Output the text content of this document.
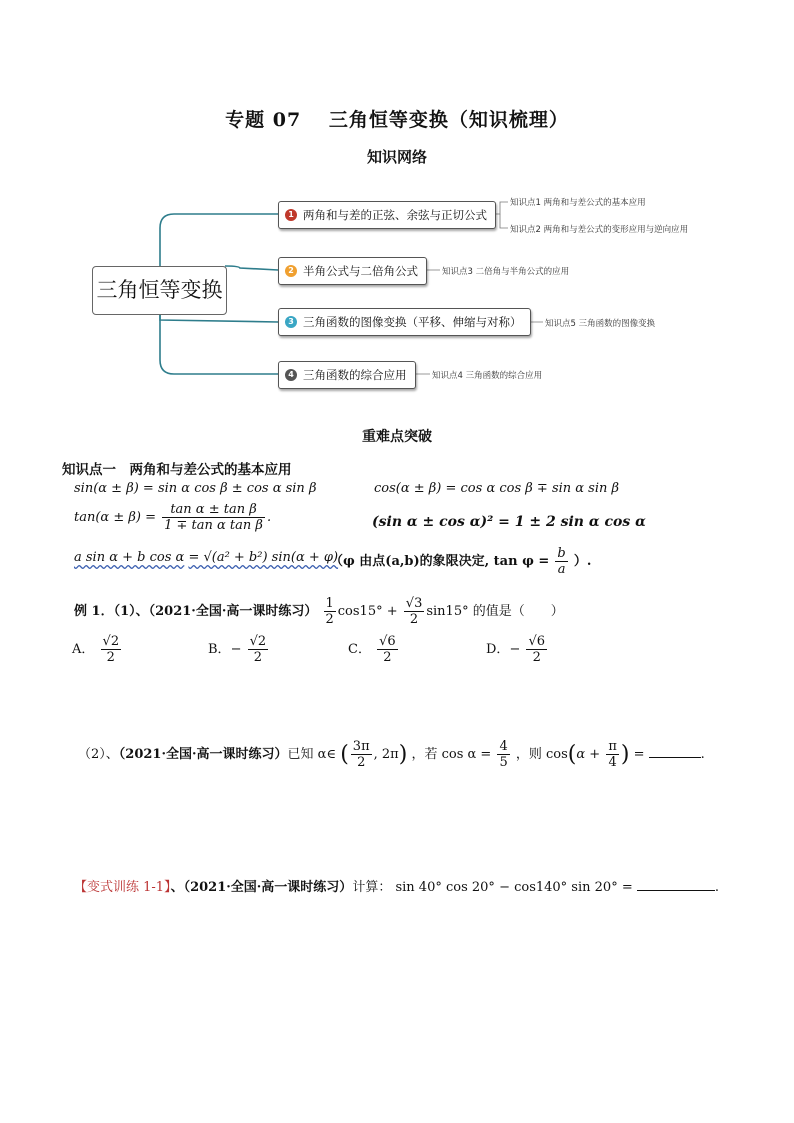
专题 07　 三角恒等变换（知识梳理）
知识网络
三角恒等变换
1 两角和与差的正弦、余弦与正切公式
2 半角公式与二倍角公式
3 三角函数的图像变换（平移、伸缩与对称）
4 三角函数的综合应用
知识点1 两角和与差公式的基本应用
知识点2 两角和与差公式的变形应用与逆向应用
知识点3 二倍角与半角公式的应用
知识点5 三角函数的图像变换
知识点4 三角函数的综合应用
重难点突破
知识点一　两角和与差公式的基本应用
sin(α ± β) = sin α cos β ± cos α sin β	cos(α ± β) = cos α cos β ∓ sin α sin β
$\tan(\alpha \pm \beta) = \frac{\text{tan α ± tan β}}{\text{1 ∓ tan α tan β}}$ .	(sin α ± cos α)² = 1 ± 2 sin α cos α
a sin α + b cos α = √(a² + b²) sin(α + φ)
（φ 由点(a,b)的象限决定, $\tan \varphi = \frac{b}{a}$ ）.
例 1．（1）、（2021·全国·高一课时练习） $\frac{1}{2} \cos 15^\circ + \frac{√3}{2} \sin 15^\circ$ 的值是（　　）
A． $\frac{√2}{2}$	B．− $\frac{√2}{2}$	C． $\frac{√6}{2}$	D．− $\frac{√6}{2}$
（2）、（2021·全国·高一课时练习）已知 α∈ ( $\frac{3\pi}{2}$ , 2π) ，若 $\cos \alpha = \frac{4}{5}$ ，则 $\cos(\alpha + \frac{\pi}{4}$ ) =	.
【变式训练 1-1】、（2021·全国·高一课时练习）计算： sin 40° cos 20° − cos140° sin 20° =	.
